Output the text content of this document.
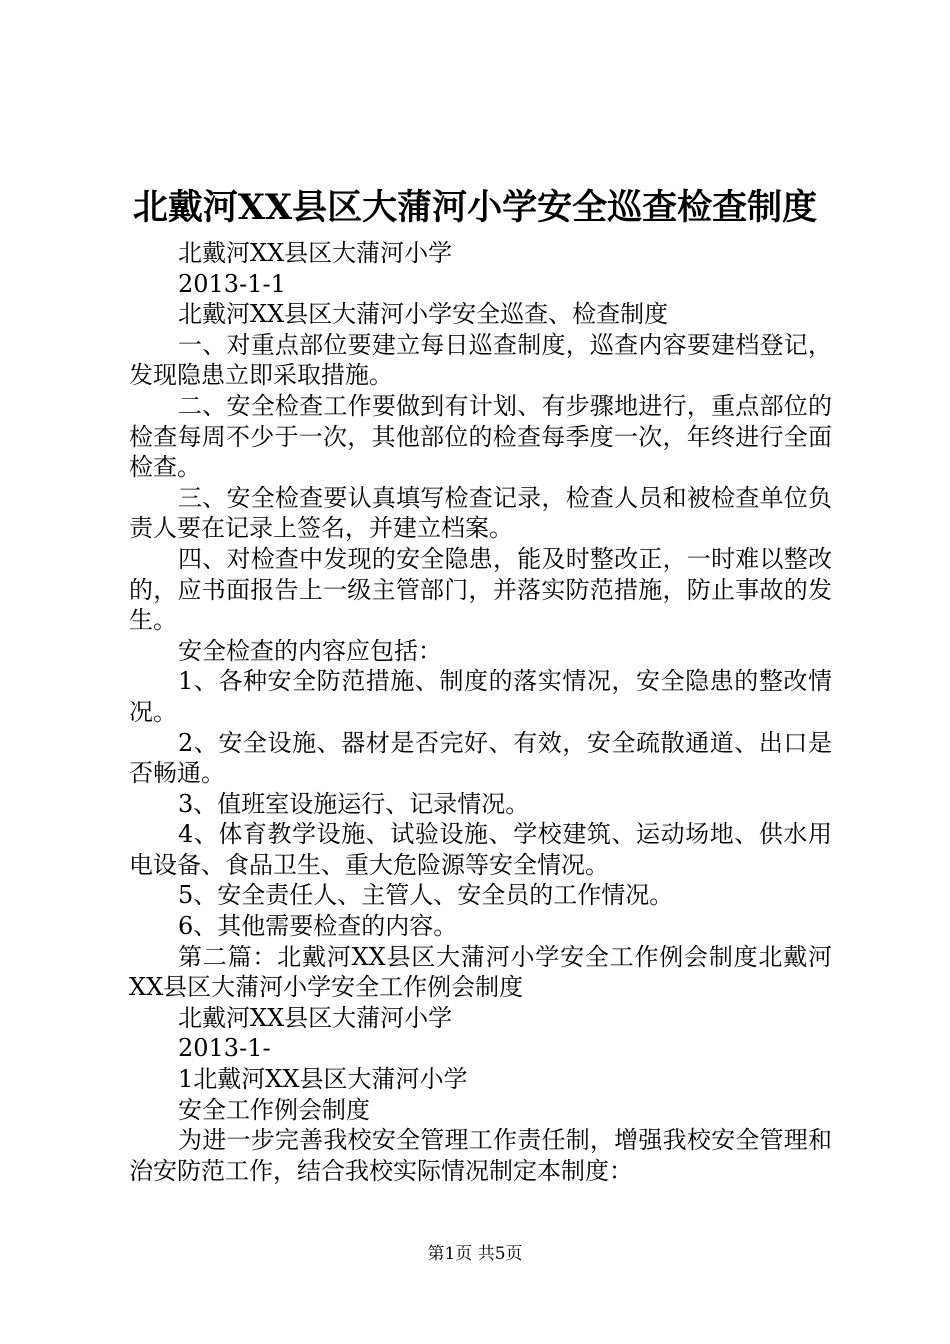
北戴河XX县区大蒲河小学安全巡查检查制度

北戴河XX县区大蒲河小学

2013-1-1

北戴河XX县区大蒲河小学安全巡查、检查制度

一、对重点部位要建立每日巡查制度，巡查内容要建档登记，发现隐患立即采取措施。

二、安全检查工作要做到有计划、有步骤地进行，重点部位的检查每周不少于一次，其他部位的检查每季度一次，年终进行全面检查。

三、安全检查要认真填写检查记录，检查人员和被检查单位负责人要在记录上签名，并建立档案。

四、对检查中发现的安全隐患，能及时整改正，一时难以整改的，应书面报告上一级主管部门，并落实防范措施，防止事故的发生。

安全检查的内容应包括：

1、各种安全防范措施、制度的落实情况，安全隐患的整改情况。

2、安全设施、器材是否完好、有效，安全疏散通道、出口是否畅通。

3、值班室设施运行、记录情况。

4、体育教学设施、试验设施、学校建筑、运动场地、供水用电设备、食品卫生、重大危险源等安全情况。

5、安全责任人、主管人、安全员的工作情况。

6、其他需要检查的内容。

第二篇：北戴河XX县区大蒲河小学安全工作例会制度北戴河XX县区大蒲河小学安全工作例会制度

北戴河XX县区大蒲河小学

2013-1-

1北戴河XX县区大蒲河小学

安全工作例会制度

为进一步完善我校安全管理工作责任制，增强我校安全管理和治安防范工作，结合我校实际情况制定本制度：

第1页 共5页
